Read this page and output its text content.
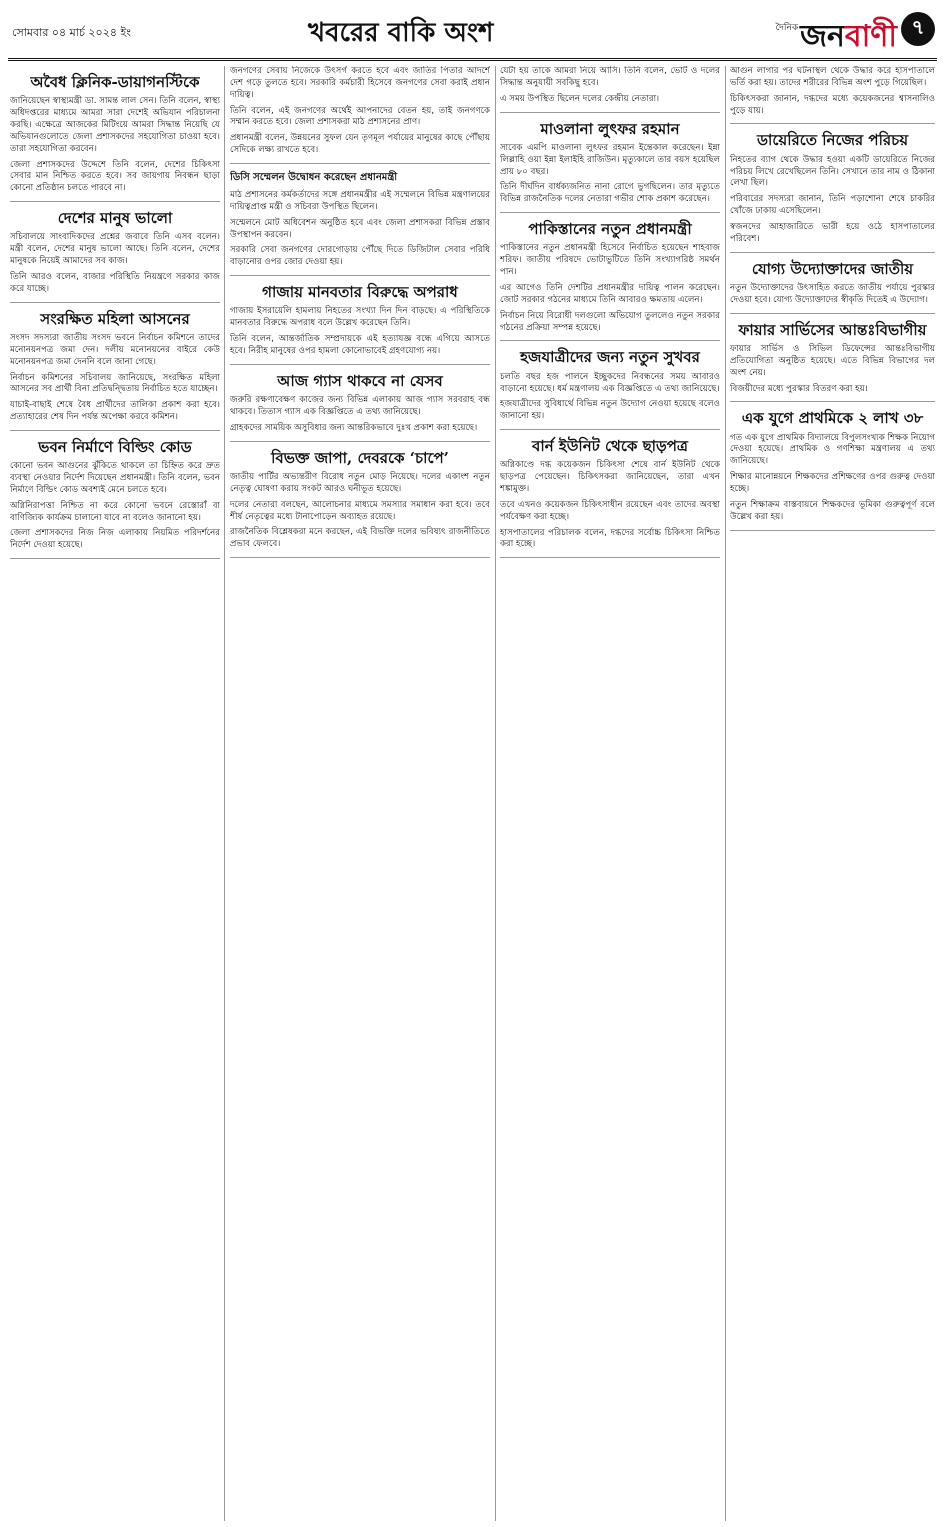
সোমবার ০৪ মার্চ ২০২৪ ইং	খবরের বাকি অংশ	দৈনিক জনবাণী ৭
অবৈধ ক্লিনিক-ডায়াগনস্টিকে

জানিয়েছেন স্বাস্থ্যমন্ত্রী ডা. সামন্ত লাল সেন। তিনি বলেন, স্বাস্থ্য অধিদপ্তরের মাধ্যমে আমরা সারা দেশেই অভিযান পরিচালনা করছি। এক্ষেত্রে আজকের মিটিংয়ে আমরা সিদ্ধান্ত নিয়েছি যে অভিযানগুলোতে জেলা প্রশাসকদের সহযোগিতা চাওয়া হবে। তারা সহযোগিতা করবেন।

জেলা প্রশাসকদের উদ্দেশে তিনি বলেন, দেশের চিকিৎসা সেবার মান নিশ্চিত করতে হবে। সব জায়গায় নিবন্ধন ছাড়া কোনো প্রতিষ্ঠান চলতে পারবে না।

দেশের মানুষ ভালো

সচিবালয়ে সাংবাদিকদের প্রশ্নের জবাবে তিনি এসব বলেন। মন্ত্রী বলেন, দেশের মানুষ ভালো আছে। তিনি বলেন, দেশের মানুষকে নিয়েই আমাদের সব কাজ।

তিনি আরও বলেন, বাজার পরিস্থিতি নিয়ন্ত্রণে সরকার কাজ করে যাচ্ছে।

সংরক্ষিত মহিলা আসনের

সংসদ সদস্যরা জাতীয় সংসদ ভবনে নির্বাচন কমিশনে তাদের মনোনয়নপত্র জমা দেন। দলীয় মনোনয়নের বাইরে কেউ মনোনয়নপত্র জমা দেননি বলে জানা গেছে।

নির্বাচন কমিশনের সচিবালয় জানিয়েছে, সংরক্ষিত মহিলা আসনের সব প্রার্থী বিনা প্রতিদ্বন্দ্বিতায় নির্বাচিত হতে যাচ্ছেন।

যাচাই-বাছাই শেষে বৈধ প্রার্থীদের তালিকা প্রকাশ করা হবে। প্রত্যাহারের শেষ দিন পর্যন্ত অপেক্ষা করবে কমিশন।

ভবন নির্মাণে বিল্ডিং কোড

কোনো ভবন আগুনের ঝুঁকিতে থাকলে তা চিহ্নিত করে দ্রুত ব্যবস্থা নেওয়ার নির্দেশ দিয়েছেন প্রধানমন্ত্রী। তিনি বলেন, ভবন নির্মাণে বিল্ডিং কোড অবশ্যই মেনে চলতে হবে।

অগ্নিনিরাপত্তা নিশ্চিত না করে কোনো ভবনে রেস্তোরাঁ বা বাণিজ্যিক কার্যক্রম চালানো যাবে না বলেও জানানো হয়।

জেলা প্রশাসকদের নিজ নিজ এলাকায় নিয়মিত পরিদর্শনের নির্দেশ দেওয়া হয়েছে।

জনগণের সেবায় নিজেকে উৎসর্গ করতে হবে এবং জাতির পিতার আদর্শে দেশ গড়ে তুলতে হবে। সরকারি কর্মচারী হিসেবে জনগণের সেবা করাই প্রধান দায়িত্ব।

তিনি বলেন, এই জনগণের অর্থেই আপনাদের বেতন হয়, তাই জনগণকে সম্মান করতে হবে। জেলা প্রশাসকরা মাঠ প্রশাসনের প্রাণ।

প্রধানমন্ত্রী বলেন, উন্নয়নের সুফল যেন তৃণমূল পর্যায়ের মানুষের কাছে পৌঁছায় সেদিকে লক্ষ্য রাখতে হবে।

ডিসি সম্মেলন উদ্বোধন করেছেন প্রধানমন্ত্রী

মাঠ প্রশাসনের কর্মকর্তাদের সঙ্গে প্রধানমন্ত্রীর এই সম্মেলনে বিভিন্ন মন্ত্রণালয়ের দায়িত্বপ্রাপ্ত মন্ত্রী ও সচিবরা উপস্থিত ছিলেন।

সম্মেলনে মোট অধিবেশন অনুষ্ঠিত হবে এবং জেলা প্রশাসকরা বিভিন্ন প্রস্তাব উপস্থাপন করবেন।

সরকারি সেবা জনগণের দোরগোড়ায় পৌঁছে দিতে ডিজিটাল সেবার পরিধি বাড়ানোর ওপর জোর দেওয়া হয়।

গাজায় মানবতার বিরুদ্ধে অপরাধ

গাজায় ইসরায়েলি হামলায় নিহতের সংখ্যা দিন দিন বাড়ছে। এ পরিস্থিতিকে মানবতার বিরুদ্ধে অপরাধ বলে উল্লেখ করেছেন তিনি।

তিনি বলেন, আন্তর্জাতিক সম্প্রদায়কে এই হত্যাযজ্ঞ বন্ধে এগিয়ে আসতে হবে। নিরীহ মানুষের ওপর হামলা কোনোভাবেই গ্রহণযোগ্য নয়।

আজ গ্যাস থাকবে না যেসব

জরুরি রক্ষণাবেক্ষণ কাজের জন্য বিভিন্ন এলাকায় আজ গ্যাস সরবরাহ বন্ধ থাকবে। তিতাস গ্যাস এক বিজ্ঞপ্তিতে এ তথ্য জানিয়েছে।

গ্রাহকদের সাময়িক অসুবিধার জন্য আন্তরিকভাবে দুঃখ প্রকাশ করা হয়েছে।

বিভক্ত জাপা, দেবরকে ‘চাপে’

জাতীয় পার্টির অভ্যন্তরীণ বিরোধ নতুন মোড় নিয়েছে। দলের একাংশ নতুন নেতৃত্ব ঘোষণা করায় সংকট আরও ঘনীভূত হয়েছে।

দলের নেতারা বলছেন, আলোচনার মাধ্যমে সমস্যার সমাধান করা হবে। তবে শীর্ষ নেতৃত্বের মধ্যে টানাপোড়েন অব্যাহত রয়েছে।

রাজনৈতিক বিশ্লেষকরা মনে করছেন, এই বিভক্তি দলের ভবিষ্যৎ রাজনীতিতে প্রভাব ফেলবে।

যেটা হয় তাকে আমরা নিয়ে আসি। তিনি বলেন, ভোট ও দলের সিদ্ধান্ত অনুযায়ী সবকিছু হবে।

এ সময় উপস্থিত ছিলেন দলের কেন্দ্রীয় নেতারা।

মাওলানা লুৎফর রহমান

সাবেক এমপি মাওলানা লুৎফর রহমান ইন্তেকাল করেছেন। ইন্না লিল্লাহি ওয়া ইন্না ইলাইহি রাজিউন। মৃত্যুকালে তার বয়স হয়েছিল প্রায় ৮০ বছর।

তিনি দীর্ঘদিন বার্ধক্যজনিত নানা রোগে ভুগছিলেন। তার মৃত্যুতে বিভিন্ন রাজনৈতিক দলের নেতারা গভীর শোক প্রকাশ করেছেন।

পাকিস্তানের নতুন প্রধানমন্ত্রী

পাকিস্তানের নতুন প্রধানমন্ত্রী হিসেবে নির্বাচিত হয়েছেন শাহবাজ শরিফ। জাতীয় পরিষদে ভোটাভুটিতে তিনি সংখ্যাগরিষ্ঠ সমর্থন পান।

এর আগেও তিনি দেশটির প্রধানমন্ত্রীর দায়িত্ব পালন করেছেন। জোট সরকার গঠনের মাধ্যমে তিনি আবারও ক্ষমতায় এলেন।

নির্বাচন নিয়ে বিরোধী দলগুলো অভিযোগ তুললেও নতুন সরকার গঠনের প্রক্রিয়া সম্পন্ন হয়েছে।

হজযাত্রীদের জন্য নতুন সুখবর

চলতি বছর হজ পালনে ইচ্ছুকদের নিবন্ধনের সময় আবারও বাড়ানো হয়েছে। ধর্ম মন্ত্রণালয় এক বিজ্ঞপ্তিতে এ তথ্য জানিয়েছে।

হজযাত্রীদের সুবিধার্থে বিভিন্ন নতুন উদ্যোগ নেওয়া হয়েছে বলেও জানানো হয়।

বার্ন ইউনিট থেকে ছাড়পত্র

অগ্নিকাণ্ডে দগ্ধ কয়েকজন চিকিৎসা শেষে বার্ন ইউনিট থেকে ছাড়পত্র পেয়েছেন। চিকিৎসকরা জানিয়েছেন, তারা এখন শঙ্কামুক্ত।

তবে এখনও কয়েকজন চিকিৎসাধীন রয়েছেন এবং তাদের অবস্থা পর্যবেক্ষণ করা হচ্ছে।

হাসপাতালের পরিচালক বলেন, দগ্ধদের সর্বোচ্চ চিকিৎসা নিশ্চিত করা হচ্ছে।

আগুন লাগার পর ঘটনাস্থল থেকে উদ্ধার করে হাসপাতালে ভর্তি করা হয়। তাদের শরীরের বিভিন্ন অংশ পুড়ে গিয়েছিল।

চিকিৎসকরা জানান, দগ্ধদের মধ্যে কয়েকজনের শ্বাসনালিও পুড়ে যায়।

ডায়েরিতে নিজের পরিচয়

নিহতের ব্যাগ থেকে উদ্ধার হওয়া একটি ডায়েরিতে নিজের পরিচয় লিখে রেখেছিলেন তিনি। সেখানে তার নাম ও ঠিকানা লেখা ছিল।

পরিবারের সদস্যরা জানান, তিনি পড়াশোনা শেষে চাকরির খোঁজে ঢাকায় এসেছিলেন।

স্বজনদের আহাজারিতে ভারী হয়ে ওঠে হাসপাতালের পরিবেশ।

যোগ্য উদ্যোক্তাদের জাতীয়

নতুন উদ্যোক্তাদের উৎসাহিত করতে জাতীয় পর্যায়ে পুরস্কার দেওয়া হবে। যোগ্য উদ্যোক্তাদের স্বীকৃতি দিতেই এ উদ্যোগ।

ফায়ার সার্ভিসের আন্তঃবিভাগীয়

ফায়ার সার্ভিস ও সিভিল ডিফেন্সের আন্তঃবিভাগীয় প্রতিযোগিতা অনুষ্ঠিত হয়েছে। এতে বিভিন্ন বিভাগের দল অংশ নেয়।

বিজয়ীদের মধ্যে পুরস্কার বিতরণ করা হয়।

এক যুগে প্রাথমিকে ২ লাখ ৩৮

গত এক যুগে প্রাথমিক বিদ্যালয়ে বিপুলসংখ্যক শিক্ষক নিয়োগ দেওয়া হয়েছে। প্রাথমিক ও গণশিক্ষা মন্ত্রণালয় এ তথ্য জানিয়েছে।

শিক্ষার মানোন্নয়নে শিক্ষকদের প্রশিক্ষণের ওপর গুরুত্ব দেওয়া হচ্ছে।

নতুন শিক্ষাক্রম বাস্তবায়নে শিক্ষকদের ভূমিকা গুরুত্বপূর্ণ বলে উল্লেখ করা হয়।
